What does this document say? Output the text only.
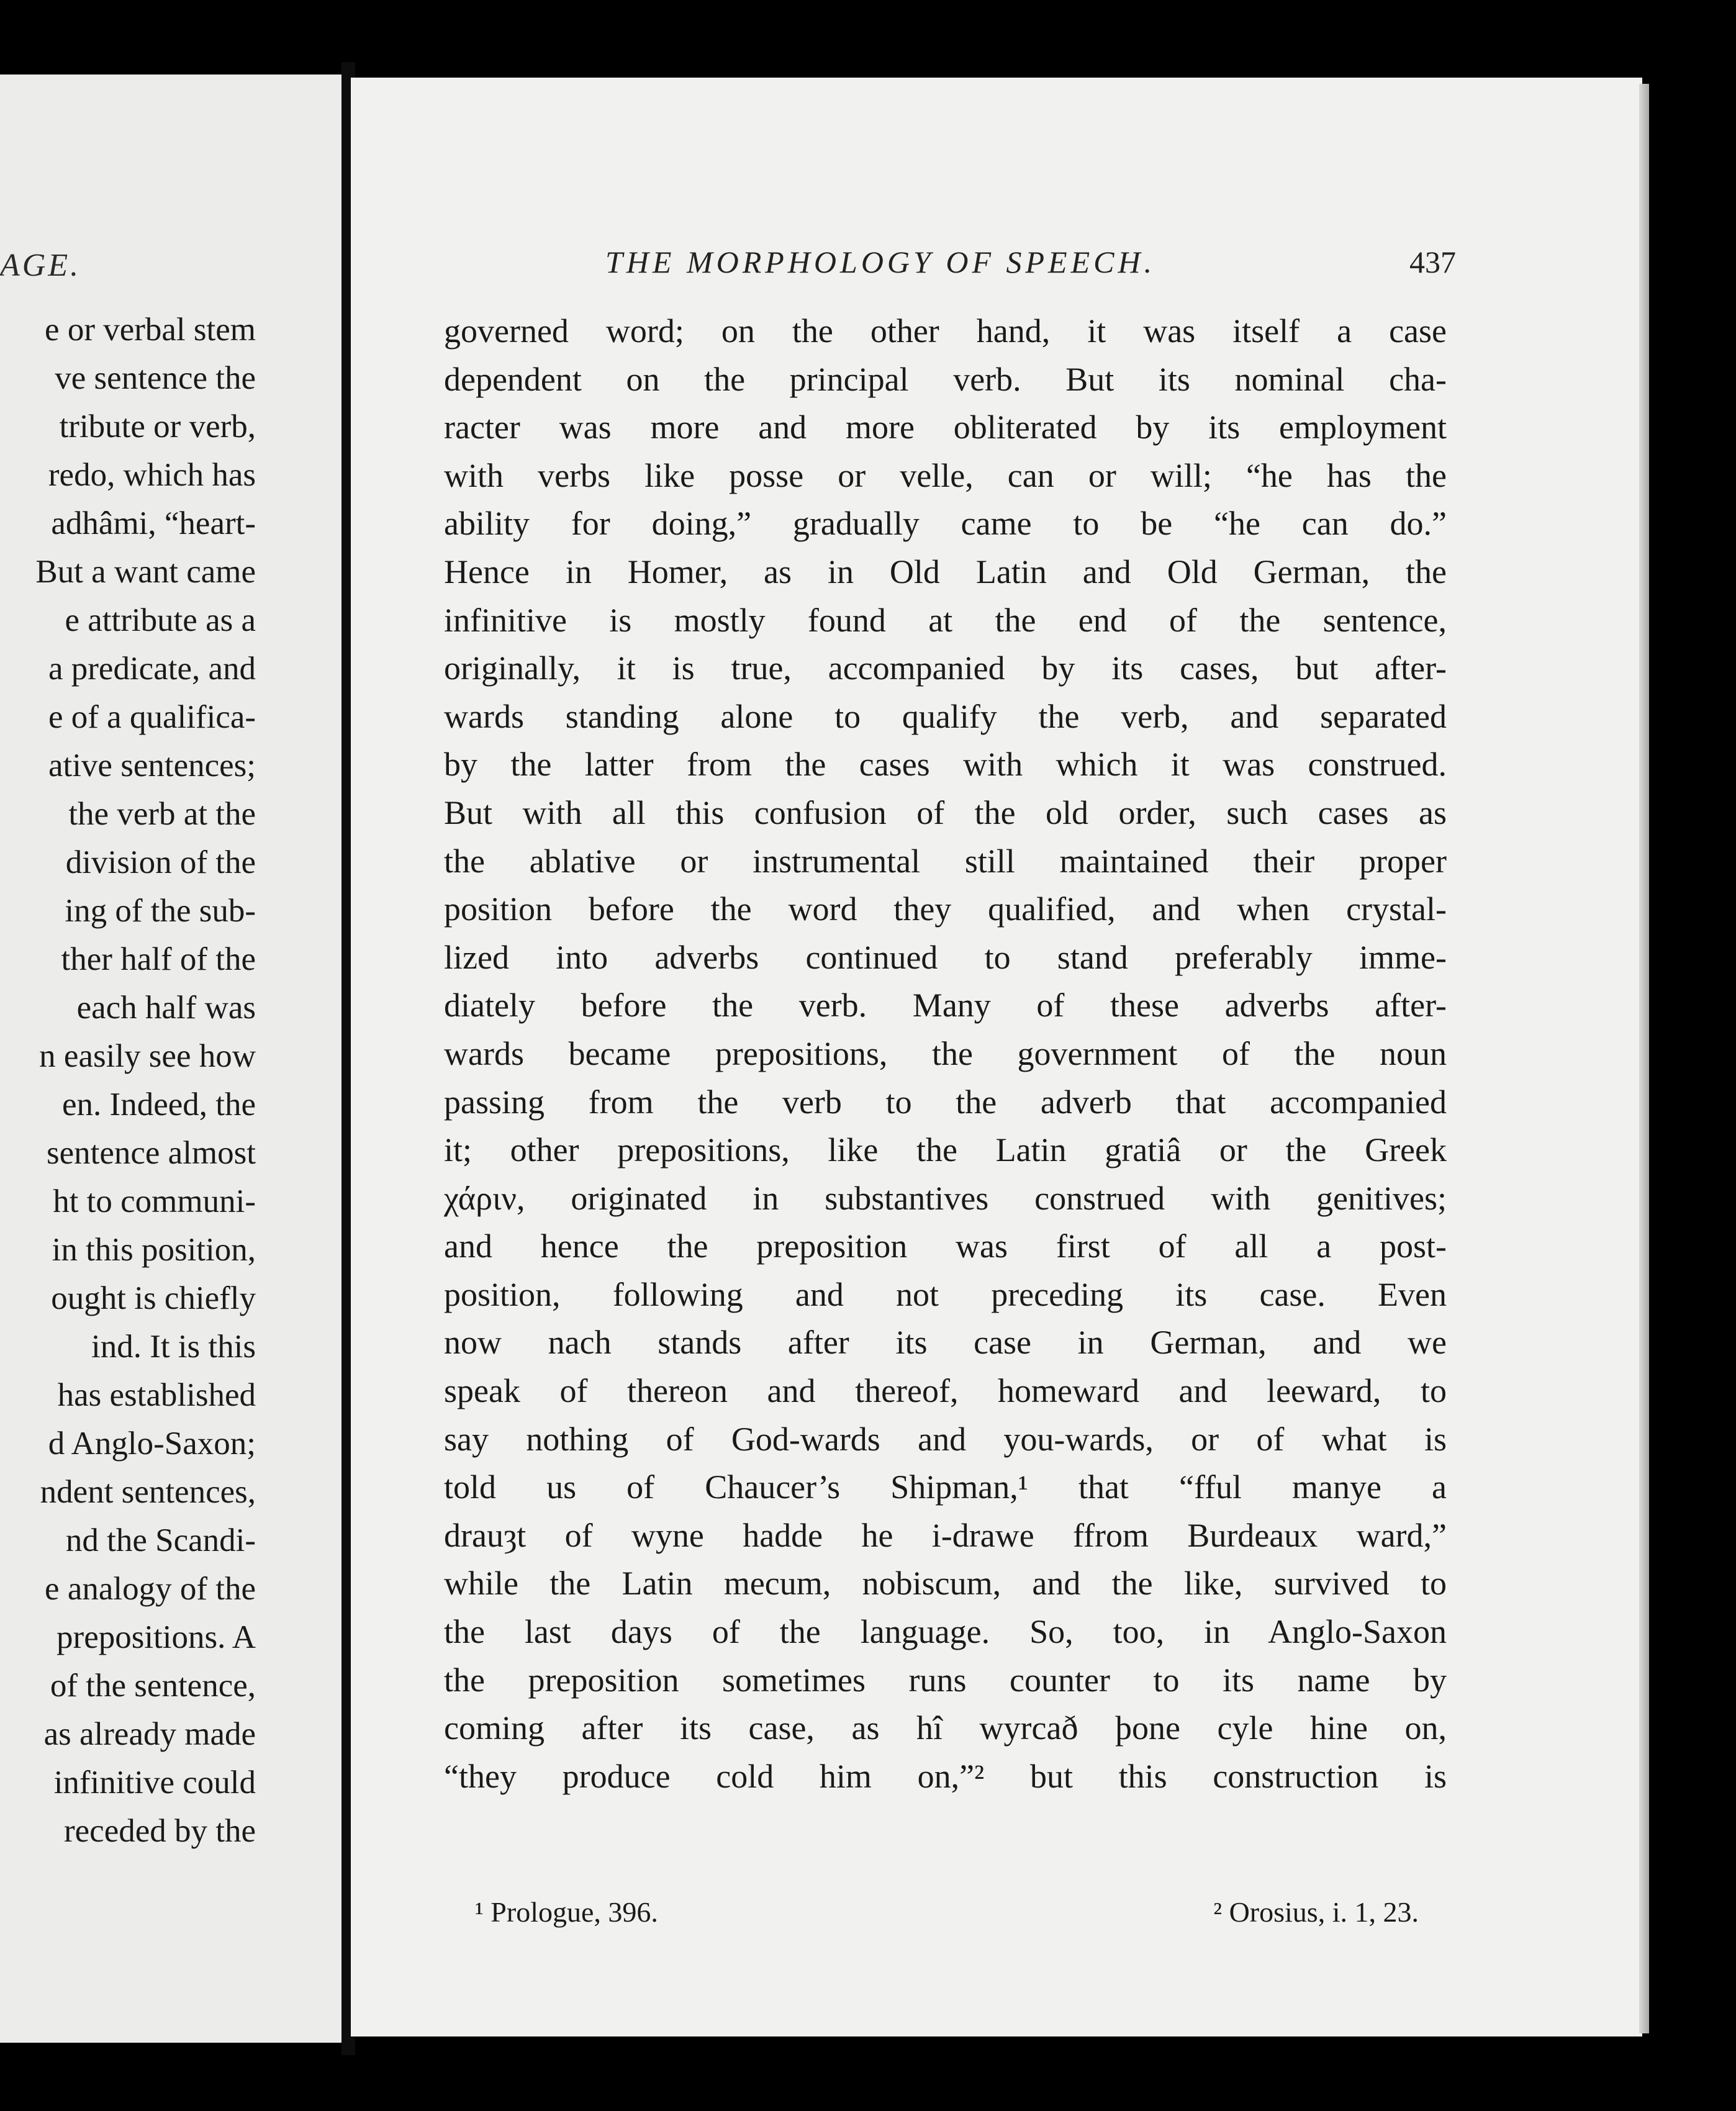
AGE.
e or verbal stem
ve sentence the
tribute or verb,
redo, which has
adhâmi, “heart-
But a want came
e attribute as a
a predicate, and
e of a qualifica-
ative sentences;
the verb at the
division of the
ing of the sub-
ther half of the
each half was
n easily see how
en. Indeed, the
sentence almost
ht to communi-
in this position,
ought is chiefly
ind. It is this
has established
d Anglo-Saxon;
ndent sentences,
nd the Scandi-
e analogy of the
prepositions. A
of the sentence,
as already made
infinitive could
receded by the
THE MORPHOLOGY OF SPEECH.	437
governed word; on the other hand, it was itself a case
dependent on the principal verb. But its nominal cha-
racter was more and more obliterated by its employment
with verbs like posse or velle, can or will; “he has the
ability for doing,” gradually came to be “he can do.”
Hence in Homer, as in Old Latin and Old German, the
infinitive is mostly found at the end of the sentence,
originally, it is true, accompanied by its cases, but after-
wards standing alone to qualify the verb, and separated
by the latter from the cases with which it was construed.
But with all this confusion of the old order, such cases as
the ablative or instrumental still maintained their proper
position before the word they qualified, and when crystal-
lized into adverbs continued to stand preferably imme-
diately before the verb. Many of these adverbs after-
wards became prepositions, the government of the noun
passing from the verb to the adverb that accompanied
it; other prepositions, like the Latin gratiâ or the Greek
χάριν, originated in substantives construed with genitives;
and hence the preposition was first of all a post-
position, following and not preceding its case. Even
now nach stands after its case in German, and we
speak of thereon and thereof, homeward and leeward, to
say nothing of God-wards and you-wards, or of what is
told us of Chaucer’s Shipman,¹ that “fful manye a
drauȝt of wyne hadde he i-drawe ffrom Burdeaux ward,”
while the Latin mecum, nobiscum, and the like, survived to
the last days of the language. So, too, in Anglo-Saxon
the preposition sometimes runs counter to its name by
coming after its case, as hî wyrcað þone cyle hine on,
“they produce cold him on,”² but this construction is
¹ Prologue, 396.	² Orosius, i. 1, 23.
